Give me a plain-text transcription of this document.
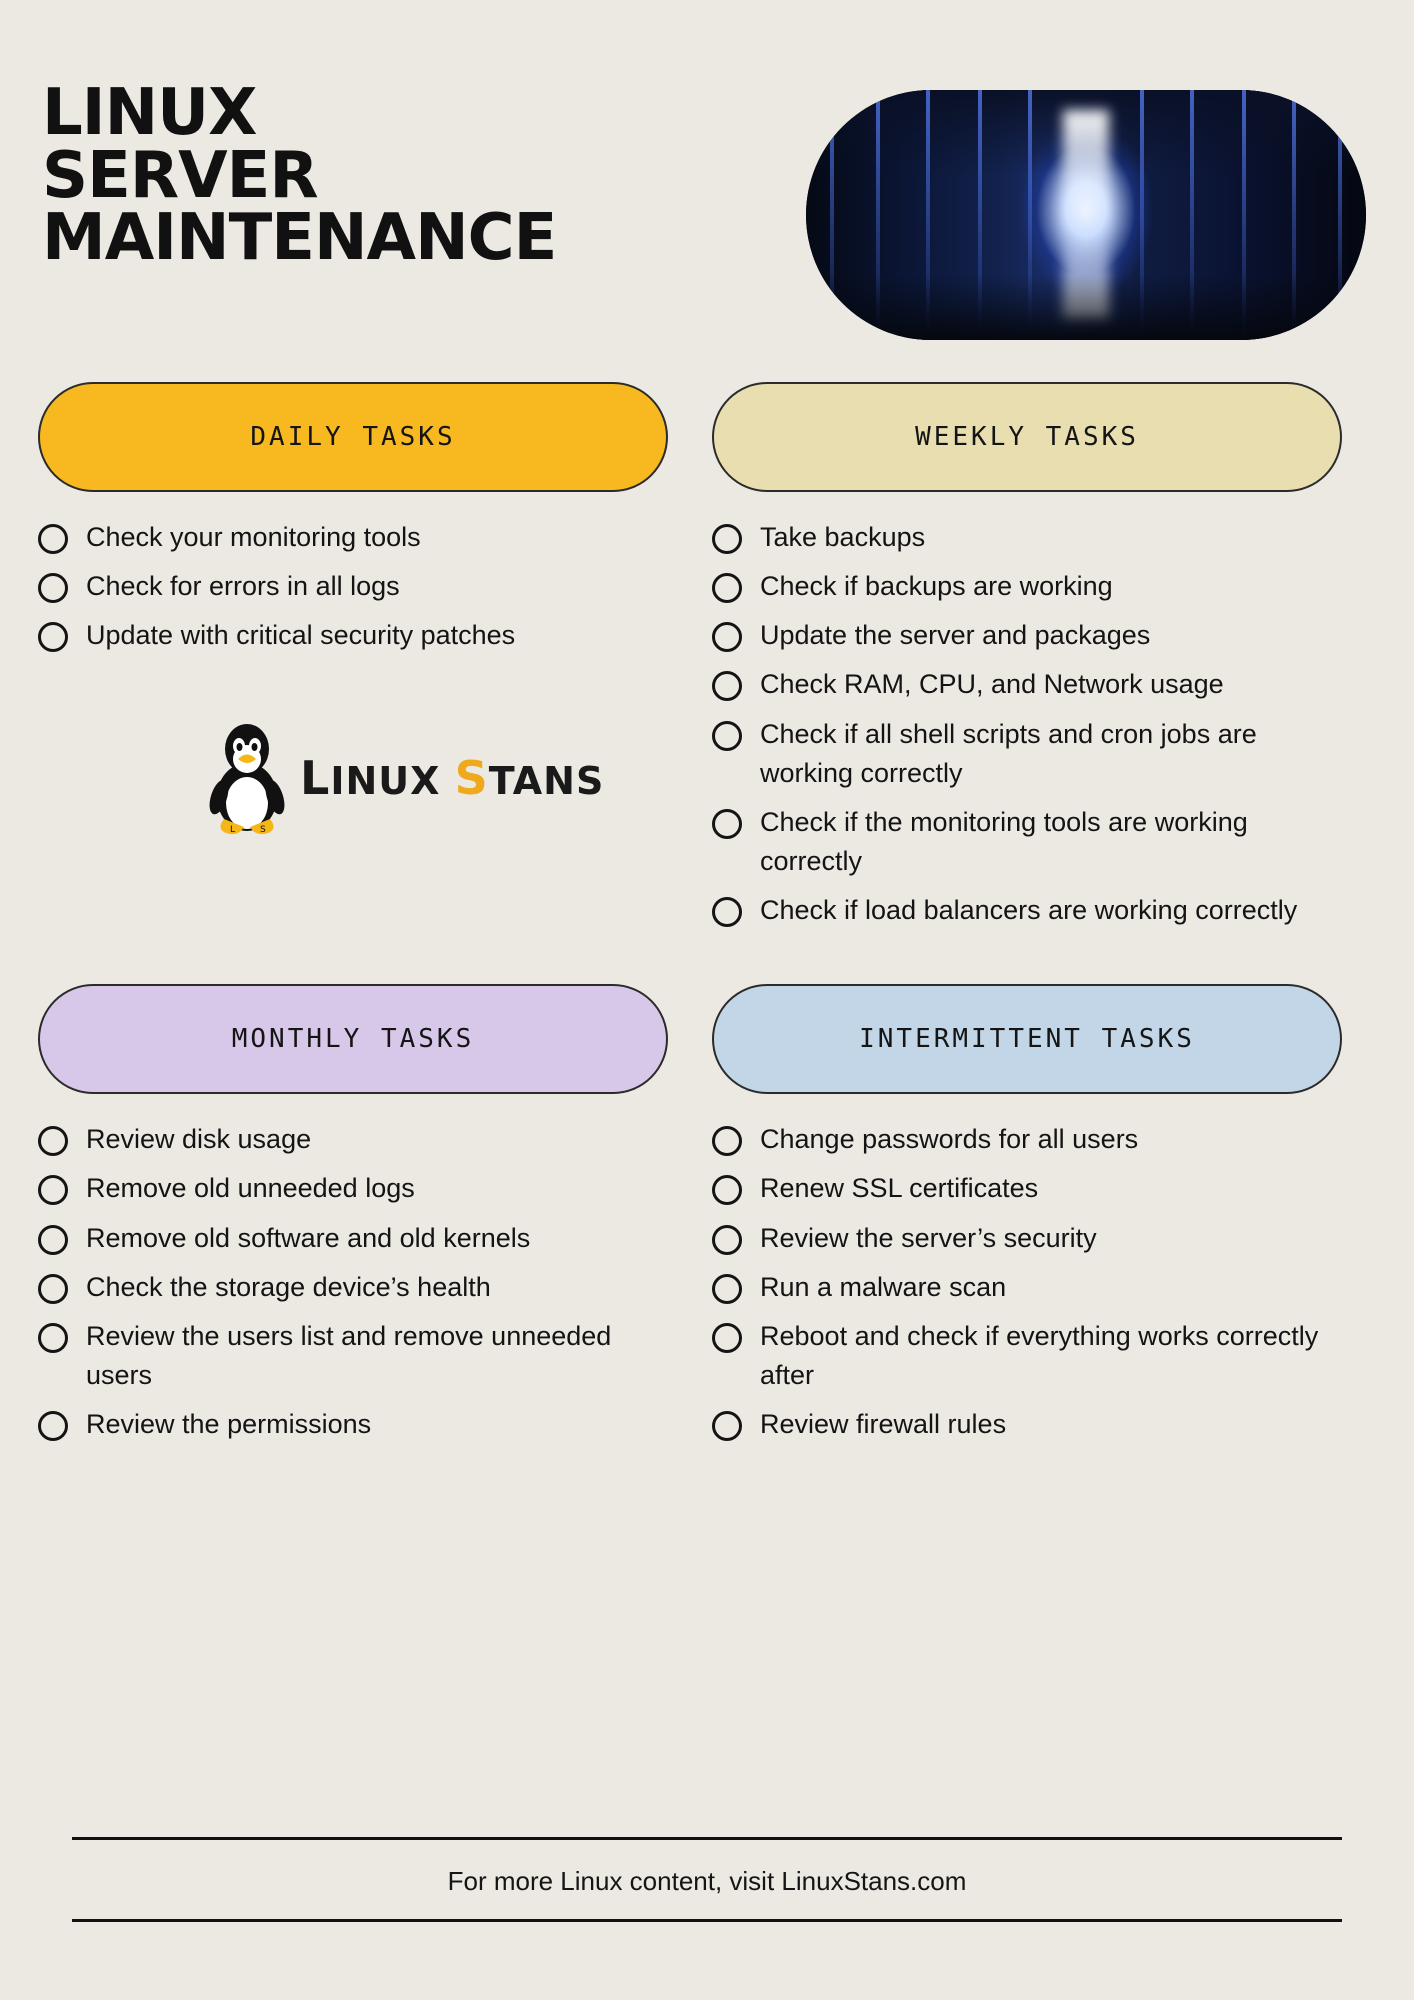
LINUX
SERVER
MAINTENANCE
DAILY TASKS
Check your monitoring tools
Check for errors in all logs
Update with critical security patches
L	S
LINUX STANS
WEEKLY TASKS
Take backups
Check if backups are working
Update the server and packages
Check RAM, CPU, and Network usage
Check if all shell scripts and cron jobs are working correctly
Check if the monitoring tools are working correctly
Check if load balancers are working correctly
MONTHLY TASKS
Review disk usage
Remove old unneeded logs
Remove old software and old kernels
Check the storage device’s health
Review the users list and remove unneeded users
Review the permissions
INTERMITTENT TASKS
Change passwords for all users
Renew SSL certificates
Review the server’s security
Run a malware scan
Reboot and check if everything works correctly after
Review firewall rules
For more Linux content, visit LinuxStans.com
